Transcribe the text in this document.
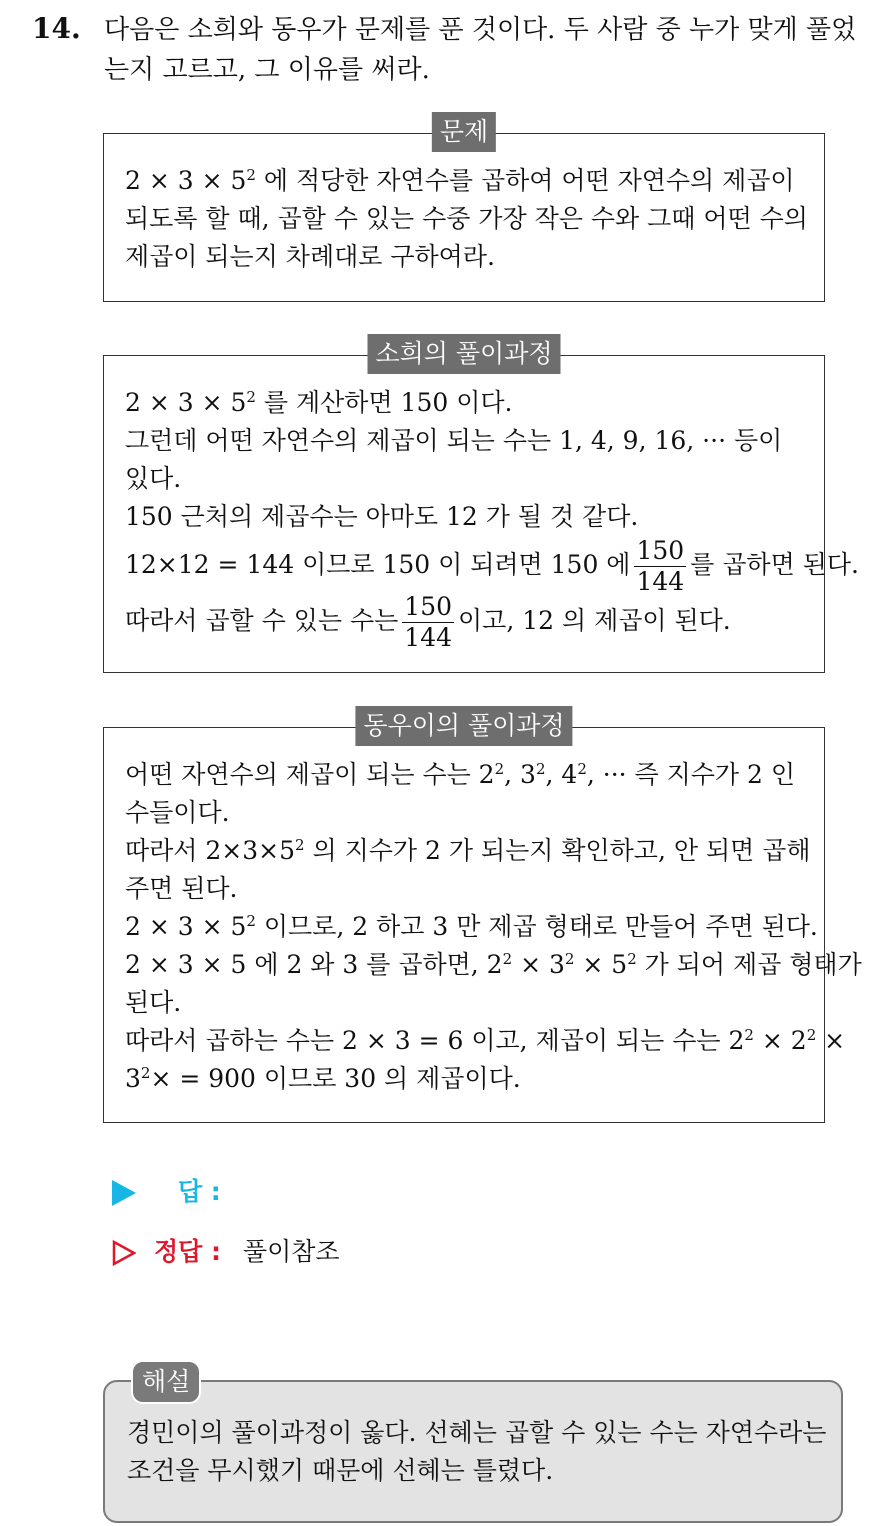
14. 다음은 소희와 동우가 문제를 푼 것이다. 두 사람 중 누가 맞게 풀었는지 고르고, 그 이유를 써라.
문제
$2 \times 3 \times 5^2$ 에 적당한 자연수를 곱하여 어떤 자연수의 제곱이
되도록 할 때, 곱할 수 있는 수중 가장 작은 수와 그때 어떤 수의
제곱이 되는지 차례대로 구하여라.
소희의 풀이과정
$2 \times 3 \times 5^2$ 를 계산하면 150 이다.
그런데 어떤 자연수의 제곱이 되는 수는 1, 4, 9, 16, ··· 등이
있다.
150 근처의 제곱수는 아마도 12 가 될 것 같다.
12×12 = 144 이므로 150 이 되려면 150 에 $\frac{150}{144}$ 를 곱하면 된다.
따라서 곱할 수 있는 수는 $\frac{150}{144}$ 이고, 12 의 제곱이 된다.
동우이의 풀이과정
어떤 자연수의 제곱이 되는 수는 $2^2$, $3^2$, $4^2$, ··· 즉 지수가 2 인
수들이다.
따라서 $2\times 3\times 5^2$ 의 지수가 2 가 되는지 확인하고, 안 되면 곱해
주면 된다.
$2 \times 3 \times 5^2$ 이므로, 2 하고 3 만 제곱 형태로 만들어 주면 된다.
2 × 3 × 5 에 2 와 3 를 곱하면, $2^2 \times 3^2 \times 5^2$ 가 되어 제곱 형태가
된다.
따라서 곱하는 수는 2 × 3 = 6 이고, 제곱이 되는 수는 $2^2 \times 2^2$ ×
$3^2\times = 900$ 이므로 30 의 제곱이다.
답 :
정답 : 풀이참조
해설
경민이의 풀이과정이 옳다. 선혜는 곱할 수 있는 수는 자연수라는 조건을 무시했기 때문에 선혜는 틀렸다.
